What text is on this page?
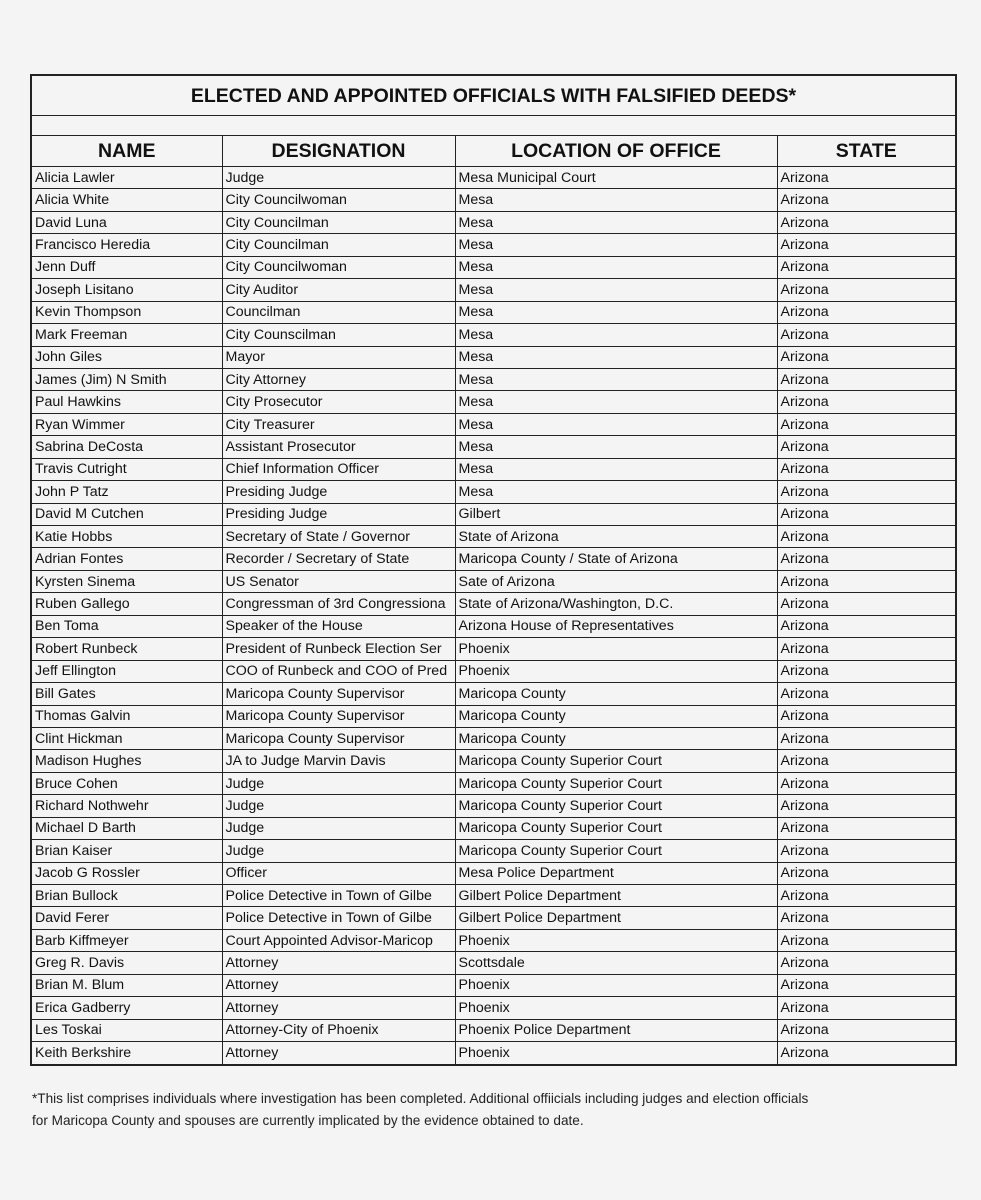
ELECTED AND APPOINTED OFFICIALS WITH FALSIFIED DEEDS*			

NAME	DESIGNATION	LOCATION OF OFFICE	STATE
Alicia Lawler	Judge	Mesa Municipal Court	Arizona
Alicia White	City Councilwoman	Mesa	Arizona
David Luna	City Councilman	Mesa	Arizona
Francisco Heredia	City Councilman	Mesa	Arizona
Jenn Duff	City Councilwoman	Mesa	Arizona
Joseph Lisitano	City Auditor	Mesa	Arizona
Kevin Thompson	Councilman	Mesa	Arizona
Mark Freeman	City Counscilman	Mesa	Arizona
John Giles	Mayor	Mesa	Arizona
James (Jim) N Smith	City Attorney	Mesa	Arizona
Paul Hawkins	City Prosecutor	Mesa	Arizona
Ryan Wimmer	City Treasurer	Mesa	Arizona
Sabrina DeCosta	Assistant Prosecutor	Mesa	Arizona
Travis Cutright	Chief Information Officer	Mesa	Arizona
John P Tatz	Presiding Judge	Mesa	Arizona
David M Cutchen	Presiding Judge	Gilbert	Arizona
Katie Hobbs	Secretary of State / Governor	State of Arizona	Arizona
Adrian Fontes	Recorder / Secretary of State	Maricopa County / State of Arizona	Arizona
Kyrsten Sinema	US Senator	Sate of Arizona	Arizona
Ruben Gallego	Congressman of 3rd Congressiona	State of Arizona/Washington, D.C.	Arizona
Ben Toma	Speaker of the House	Arizona House of Representatives	Arizona
Robert Runbeck	President of Runbeck Election Ser	Phoenix	Arizona
Jeff Ellington	COO of Runbeck and COO of Pred	Phoenix	Arizona
Bill Gates	Maricopa County Supervisor	Maricopa County	Arizona
Thomas Galvin	Maricopa County Supervisor	Maricopa County	Arizona
Clint Hickman	Maricopa County Supervisor	Maricopa County	Arizona
Madison Hughes	JA to Judge Marvin Davis	Maricopa County Superior Court	Arizona
Bruce Cohen	Judge	Maricopa County Superior Court	Arizona
Richard Nothwehr	Judge	Maricopa County Superior Court	Arizona
Michael D Barth	Judge	Maricopa County Superior Court	Arizona
Brian Kaiser	Judge	Maricopa County Superior Court	Arizona
Jacob G Rossler	Officer	Mesa Police Department	Arizona
Brian Bullock	Police Detective in Town of Gilbe	Gilbert Police Department	Arizona
David Ferer	Police Detective in Town of Gilbe	Gilbert Police Department	Arizona
Barb Kiffmeyer	Court Appointed Advisor-Maricop	Phoenix	Arizona
Greg R. Davis	Attorney	Scottsdale	Arizona
Brian M. Blum	Attorney	Phoenix	Arizona
Erica Gadberry	Attorney	Phoenix	Arizona
Les Toskai	Attorney-City of Phoenix	Phoenix Police Department	Arizona
Keith Berkshire	Attorney	Phoenix	Arizona
*This list comprises individuals where investigation has been completed. Additional offiicials including judges and election officials
for Maricopa County and spouses are currently implicated by the evidence obtained to date.
